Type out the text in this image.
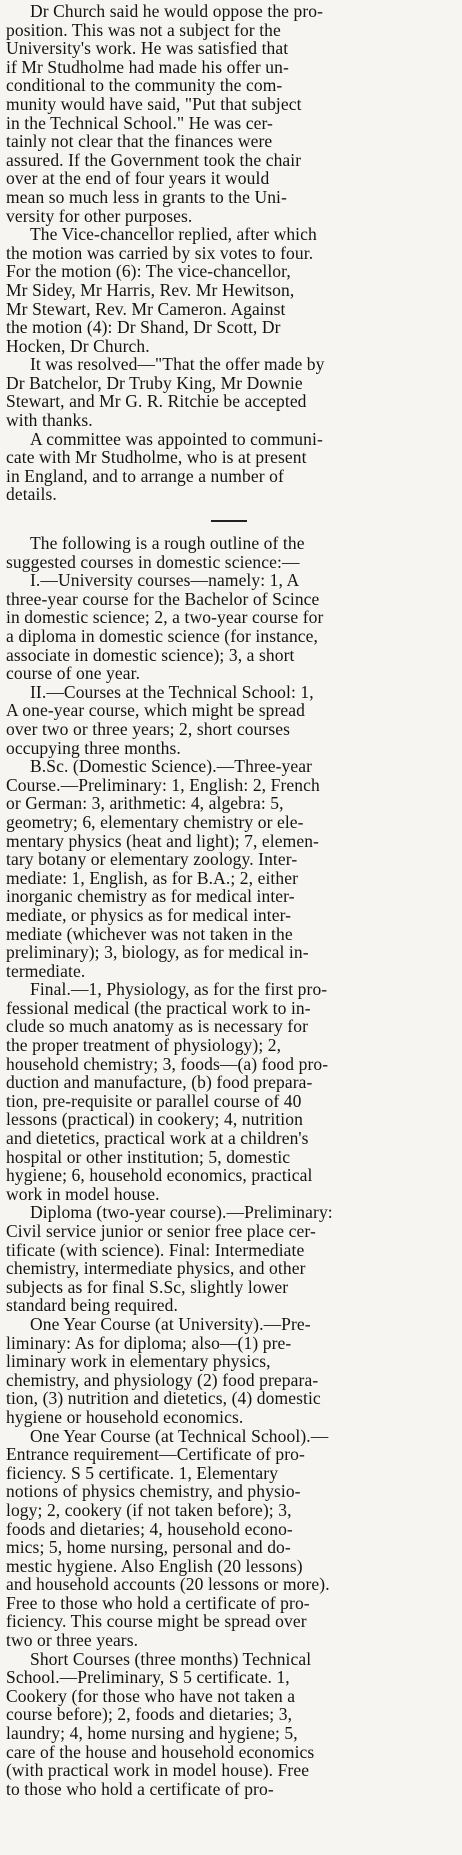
Dr Church said he would oppose the pro-
position. This was not a subject for the
University's work. He was satisfied that
if Mr Studholme had made his offer un-
conditional to the community the com-
munity would have said, "Put that subject
in the Technical School." He was cer-
tainly not clear that the finances were
assured. If the Government took the chair
over at the end of four years it would
mean so much less in grants to the Uni-
versity for other purposes.

The Vice-chancellor replied, after which
the motion was carried by six votes to four.
For the motion (6): The vice-chancellor,
Mr Sidey, Mr Harris, Rev. Mr Hewitson,
Mr Stewart, Rev. Mr Cameron. Against
the motion (4): Dr Shand, Dr Scott, Dr
Hocken, Dr Church.

It was resolved—"That the offer made by
Dr Batchelor, Dr Truby King, Mr Downie
Stewart, and Mr G. R. Ritchie be accepted
with thanks.

A committee was appointed to communi-
cate with Mr Studholme, who is at present
in England, and to arrange a number of
details.

The following is a rough outline of the
suggested courses in domestic science:—

I.—University courses—namely: 1, A
three-year course for the Bachelor of Scince
in domestic science; 2, a two-year course for
a diploma in domestic science (for instance,
associate in domestic science); 3, a short
course of one year.

II.—Courses at the Technical School: 1,
A one-year course, which might be spread
over two or three years; 2, short courses
occupying three months.

B.Sc. (Domestic Science).—Three-year
Course.—Preliminary: 1, English: 2, French
or German: 3, arithmetic: 4, algebra: 5,
geometry; 6, elementary chemistry or ele-
mentary physics (heat and light); 7, elemen-
tary botany or elementary zoology. Inter-
mediate: 1, English, as for B.A.; 2, either
inorganic chemistry as for medical inter-
mediate, or physics as for medical inter-
mediate (whichever was not taken in the
preliminary); 3, biology, as for medical in-
termediate.

Final.—1, Physiology, as for the first pro-
fessional medical (the practical work to in-
clude so much anatomy as is necessary for
the proper treatment of physiology); 2,
household chemistry; 3, foods—(a) food pro-
duction and manufacture, (b) food prepara-
tion, pre-requisite or parallel course of 40
lessons (practical) in cookery; 4, nutrition
and dietetics, practical work at a children's
hospital or other institution; 5, domestic
hygiene; 6, household economics, practical
work in model house.

Diploma (two-year course).—Preliminary:
Civil service junior or senior free place cer-
tificate (with science). Final: Intermediate
chemistry, intermediate physics, and other
subjects as for final S.Sc, slightly lower
standard being required.

One Year Course (at University).—Pre-
liminary: As for diploma; also—(1) pre-
liminary work in elementary physics,
chemistry, and physiology (2) food prepara-
tion, (3) nutrition and dietetics, (4) domestic
hygiene or household economics.

One Year Course (at Technical School).—
Entrance requirement—Certificate of pro-
ficiency. S 5 certificate. 1, Elementary
notions of physics chemistry, and physio-
logy; 2, cookery (if not taken before); 3,
foods and dietaries; 4, household econo-
mics; 5, home nursing, personal and do-
mestic hygiene. Also English (20 lessons)
and household accounts (20 lessons or more).
Free to those who hold a certificate of pro-
ficiency. This course might be spread over
two or three years.

Short Courses (three months) Technical
School.—Preliminary, S 5 certificate. 1,
Cookery (for those who have not taken a
course before); 2, foods and dietaries; 3,
laundry; 4, home nursing and hygiene; 5,
care of the house and household economics
(with practical work in model house). Free
to those who hold a certificate of pro-
